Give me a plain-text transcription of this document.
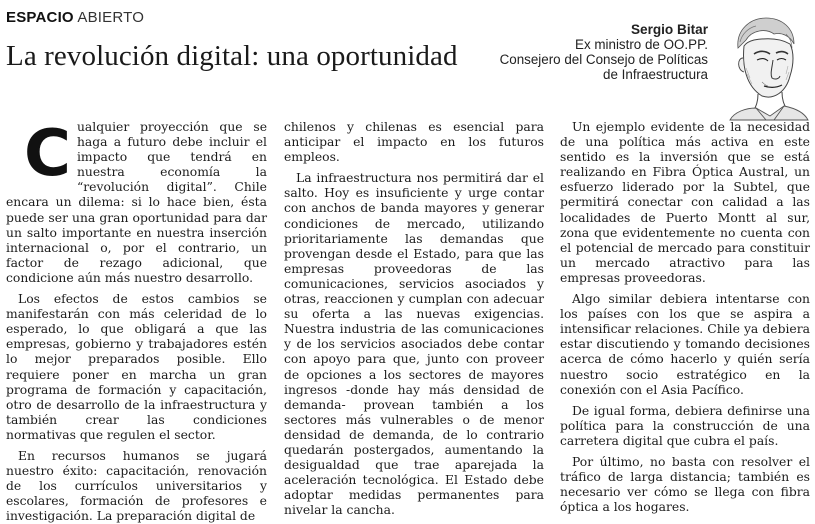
ESPACIO ABIERTO
La revolución digital: una oportunidad
Sergio Bitar
Ex ministro de OO.PP.
Consejero del Consejo de Políticas
de Infraestructura

Cualquier proyección que se haga a futuro debe incluir el impacto que tendrá en nuestra economía la “revolución digital”. Chile encara un dilema: si lo hace bien, ésta puede ser una gran oportunidad para dar un salto importante en nuestra inserción internacional o, por el contrario, un factor de rezago adicional, que condicione aún más nuestro desarrollo.

Los efectos de estos cambios se manifestarán con más celeridad de lo esperado, lo que obligará a que las empresas, gobierno y trabajadores estén lo mejor preparados posible. Ello requiere poner en marcha un gran programa de formación y capacitación, otro de desarrollo de la infraestructura y también crear las condiciones normativas que regulen el sector.

En recursos humanos se jugará nuestro éxito: capacitación, renovación de los currículos universitarios y escolares, formación de profesores e investigación. La preparación digital de

chilenos y chilenas es esencial para anticipar el impacto en los futuros empleos.

La infraestructura nos permitirá dar el salto. Hoy es insuficiente y urge contar con anchos de banda mayores y generar condiciones de mercado, utilizando prioritariamente las demandas que provengan desde el Estado, para que las empresas proveedoras de las comunicaciones, servicios asociados y otras, reaccionen y cumplan con adecuar su oferta a las nuevas exigencias. Nuestra industria de las comunicaciones y de los servicios asociados debe contar con apoyo para que, junto con proveer de opciones a los sectores de mayores ingresos -donde hay más densidad de demanda- provean también a los sectores más vulnerables o de menor densidad de demanda, de lo contrario quedarán postergados, aumentando la desigualdad que trae aparejada la aceleración tecnológica. El Estado debe adoptar medidas permanentes para nivelar la cancha.

Un ejemplo evidente de la necesidad de una política más activa en este sentido es la inversión que se está realizando en Fibra Óptica Austral, un esfuerzo liderado por la Subtel, que permitirá conectar con calidad a las localidades de Puerto Montt al sur, zona que evidentemente no cuenta con el potencial de mercado para constituir un mercado atractivo para las empresas proveedoras.

Algo similar debiera intentarse con los países con los que se aspira a intensificar relaciones. Chile ya debiera estar discutiendo y tomando decisiones acerca de cómo hacerlo y quién sería nuestro socio estratégico en la conexión con el Asia Pacífico.

De igual forma, debiera definirse una política para la construcción de una carretera digital que cubra el país.

Por último, no basta con resolver el tráfico de larga distancia; también es necesario ver cómo se llega con fibra óptica a los hogares.
